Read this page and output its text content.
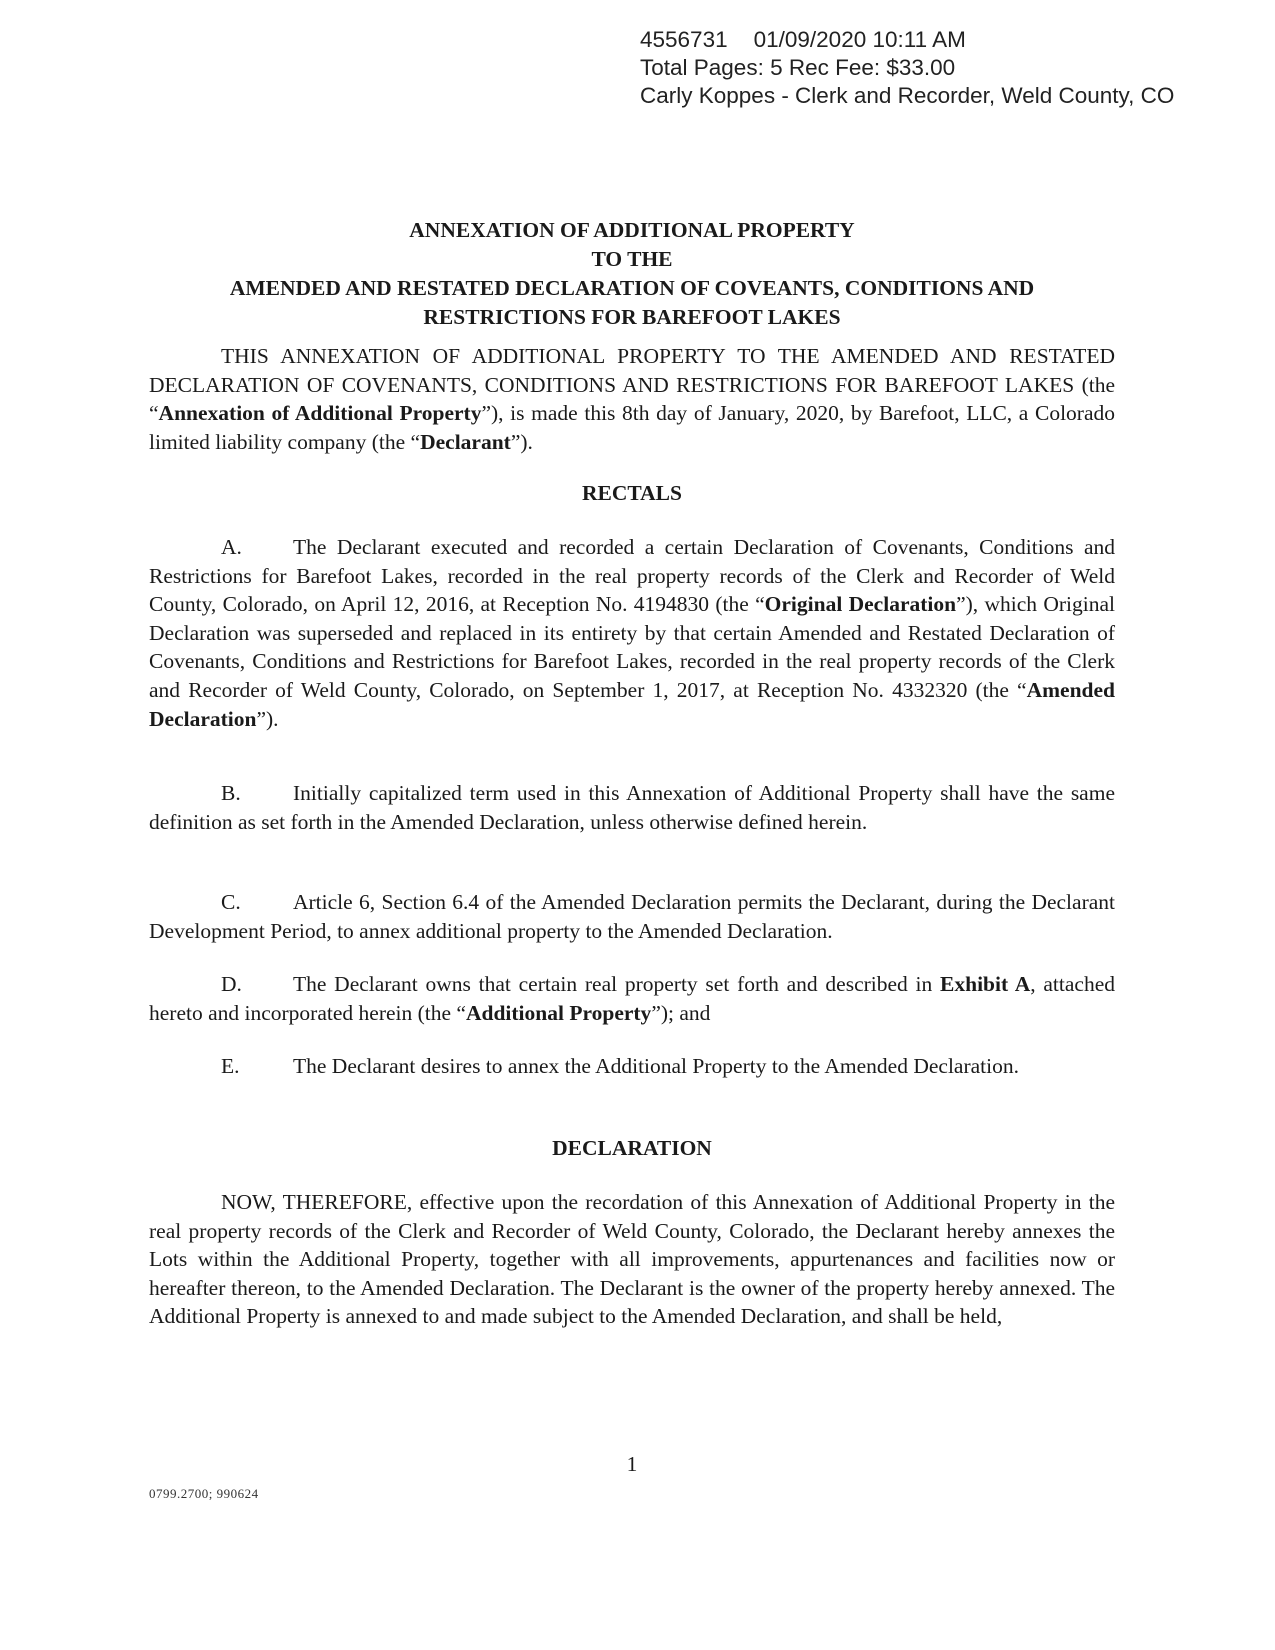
4556731 01/09/2020 10:11 AM
Total Pages: 5 Rec Fee: $33.00
Carly Koppes - Clerk and Recorder, Weld County, CO
ANNEXATION OF ADDITIONAL PROPERTY
TO THE
AMENDED AND RESTATED DECLARATION OF COVEANTS, CONDITIONS AND
RESTRICTIONS FOR BAREFOOT LAKES

THIS ANNEXATION OF ADDITIONAL PROPERTY TO THE AMENDED AND RESTATED DECLARATION OF COVENANTS, CONDITIONS AND RESTRICTIONS FOR BAREFOOT LAKES (the “Annexation of Additional Property”), is made this 8th day of January, 2020, by Barefoot, LLC, a Colorado limited liability company (the “Declarant”).

RECTALS

A. The Declarant executed and recorded a certain Declaration of Covenants, Conditions and Restrictions for Barefoot Lakes, recorded in the real property records of the Clerk and Recorder of Weld County, Colorado, on April 12, 2016, at Reception No. 4194830 (the “Original Declaration”), which Original Declaration was superseded and replaced in its entirety by that certain Amended and Restated Declaration of Covenants, Conditions and Restrictions for Barefoot Lakes, recorded in the real property records of the Clerk and Recorder of Weld County, Colorado, on September 1, 2017, at Reception No. 4332320 (the “Amended Declaration”).

B. Initially capitalized term used in this Annexation of Additional Property shall have the same definition as set forth in the Amended Declaration, unless otherwise defined herein.

C. Article 6, Section 6.4 of the Amended Declaration permits the Declarant, during the Declarant Development Period, to annex additional property to the Amended Declaration.

D. The Declarant owns that certain real property set forth and described in Exhibit A, attached hereto and incorporated herein (the “Additional Property”); and

E. The Declarant desires to annex the Additional Property to the Amended Declaration.

DECLARATION

NOW, THEREFORE, effective upon the recordation of this Annexation of Additional Property in the real property records of the Clerk and Recorder of Weld County, Colorado, the Declarant hereby annexes the Lots within the Additional Property, together with all improvements, appurtenances and facilities now or hereafter thereon, to the Amended Declaration. The Declarant is the owner of the property hereby annexed. The Additional Property is annexed to and made subject to the Amended Declaration, and shall be held,

1
0799.2700; 990624
